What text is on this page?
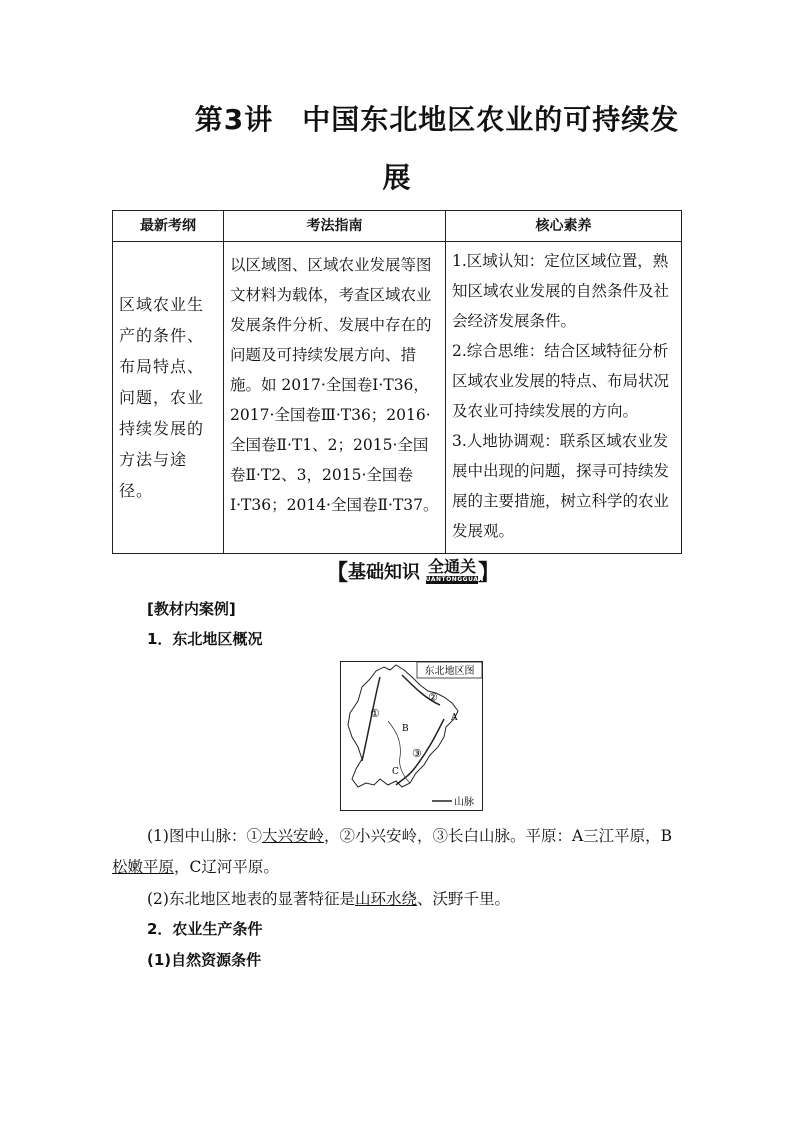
第3讲　中国东北地区农业的可持续发
展
最新考纲	考法指南	核心素养
区域农业生产的条件、布局特点、问题，农业持续发展的方法与途径。	以区域图、区域农业发展等图文材料为载体，考查区域农业发展条件分析、发展中存在的问题及可持续发展方向、措施。如 2017·全国卷Ⅰ·T36，2017·全国卷Ⅲ·T36；2016·全国卷Ⅱ·T1、2；2015·全国卷Ⅱ·T2、3，2015·全国卷Ⅰ·T36；2014·全国卷Ⅱ·T37。	1.区域认知：定位区域位置，熟知区域农业发展的自然条件及社会经济发展条件。
2.综合思维：结合区域特征分析区域农业发展的特点、布局状况及农业可持续发展的方向。
3.人地协调观：联系区域农业发展中出现的问题，探寻可持续发展的主要措施，树立科学的农业发展观。
【 基础知识 全通关
QUANTONGGUAN
】
[教材内案例]
1．东北地区概况
东北地区图
①
②
③
A
B
C
山脉
(1)图中山脉：①大兴安岭，②小兴安岭，③长白山脉。平原：A三江平原，B
松嫩平原，C辽河平原。
(2)东北地区地表的显著特征是山环水绕、沃野千里。
2．农业生产条件
(1)自然资源条件
